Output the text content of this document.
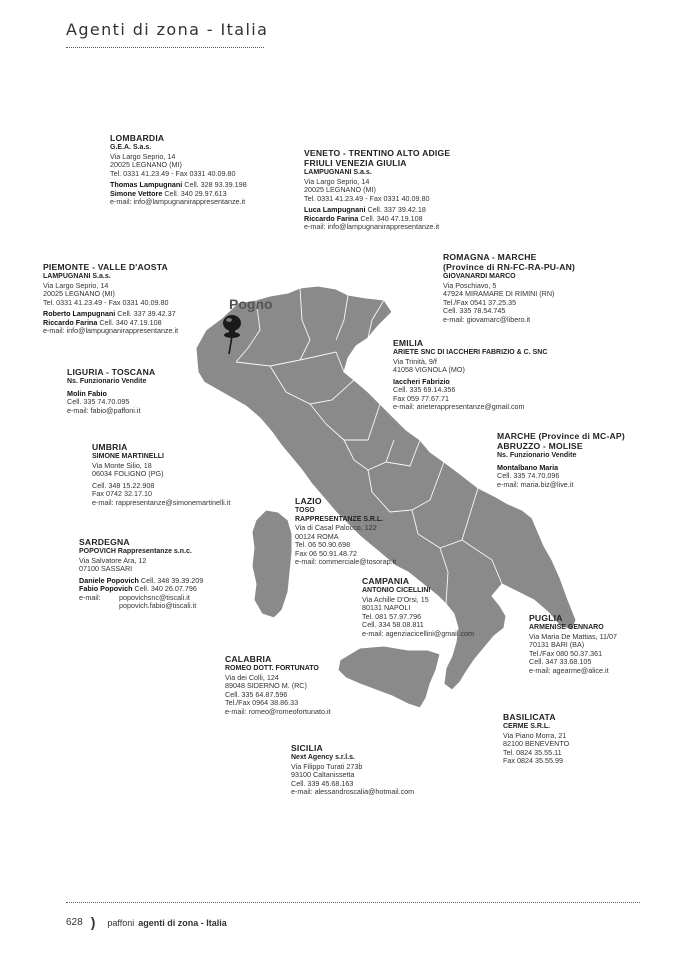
Agenti di zona - Italia
Pogno
LOMBARDIA
G.E.A. S.a.s.
Via Largo Seprio, 14
20025 LEGNANO (MI)
Tel. 0331 41.23.49 - Fax 0331 40.09.80
Thomas Lampugnani Cell. 328 93.39.198
Simone Vettore Cell. 340 29.97.613
e-mail: info@lampugnanirappresentanze.it
VENETO - TRENTINO ALTO ADIGE
FRIULI VENEZIA GIULIA
LAMPUGNANI S.a.s.
Via Largo Seprio, 14
20025 LEGNANO (MI)
Tel. 0331 41.23.49 - Fax 0331 40.09.80
Luca Lampugnani Cell. 337 39.42.18
Riccardo Farina Cell. 340 47.19.108
e-mail: info@lampugnanirappresentanze.it
PIEMONTE - VALLE D'AOSTA
LAMPUGNANI S.a.s.
Via Largo Seprio, 14
20025 LEGNANO (MI)
Tel. 0331 41.23.49 - Fax 0331 40.09.80
Roberto Lampugnani Cell. 337 39.42.37
Riccardo Farina Cell. 340 47.19.108
e-mail: info@lampugnanirappresentanze.it
ROMAGNA - MARCHE
(Province di RN-FC-RA-PU-AN)
GIOVANARDI MARCO
Via Poschiavo, 5
47924 MIRAMARE DI RIMINI (RN)
Tel./Fax 0541 37.25.35
Cell. 335 78.54.745
e-mail: giovamarc@libero.it
EMILIA
ARIETE SNC DI IACCHERI FABRIZIO & C. SNC
Via Trinità, 9/f
41058 VIGNOLA (MO)
Iaccheri Fabrizio
Cell. 335 69.14.356
Fax 059 77.67.71
e-mail: arieterappresentanze@gmail.com
LIGURIA - TOSCANA
Ns. Funzionario Vendite
Molin Fabio
Cell. 335 74.70.095
e-mail: fabio@paffoni.it
MARCHE (Province di MC-AP)
ABRUZZO - MOLISE
Ns. Funzionario Vendite
Montalbano Maria
Cell. 335 74.70.096
e-mail: maria.biz@live.it
UMBRIA
SIMONE MARTINELLI
Via Monte Silio, 18
06034 FOLIGNO (PG)
Cell. 348 15.22.908
Fax 0742 32.17.10
e-mail: rappresentanze@simonemartinelli.it	LAZIO
TOSO
RAPPRESENTANZE S.R.L.
Via di Casal Palocco, 122
00124 ROMA
Tel. 06 50.90.698
Fax 06 50.91.48.72
e-mail: commerciale@tosorap.it
SARDEGNA
POPOVICH Rappresentanze s.n.c.
Via Salvatore Ara, 12
07100 SASSARI
Daniele Popovich Cell. 348 39.39.209
Fabio Popovich Cell. 340 26.07.796
e-mail:	popovichsnc@tiscali.it
popovich.fabio@tiscali.it
CAMPANIA
ANTONIO CICELLINI
Via Achille D'Orsi, 15
80131 NAPOLI
Tel. 081 57.97.796
Cell. 334 58.08.811
e-mail: agenziacicellini@gmail.com
PUGLIA
ARMENISE GENNARO
Via Maria De Mattias, 11/07
70131 BARI (BA)
Tel./Fax 080 50.37.361
Cell. 347 33.68.105
e-mail: agearme@alice.it
CALABRIA
ROMEO DOTT. FORTUNATO
Via dei Colli, 124
89048 SIDERNO M. (RC)
Cell. 335 64.87.596
Tel./Fax 0964 38.86.33
e-mail: romeo@romeofortunato.it
BASILICATA
CERME S.R.L.
Via Piano Morra, 21
82100 BENEVENTO
Tel. 0824 35.55.11
Fax 0824 35.55.99
SICILIA
Next Agency s.r.l.s.
Via Filippo Turati 273b
93100 Caltanissetta
Cell. 339 45.68.163
e-mail: alessandroscalia@hotmail.com
628 ) paffoni agenti di zona - Italia
